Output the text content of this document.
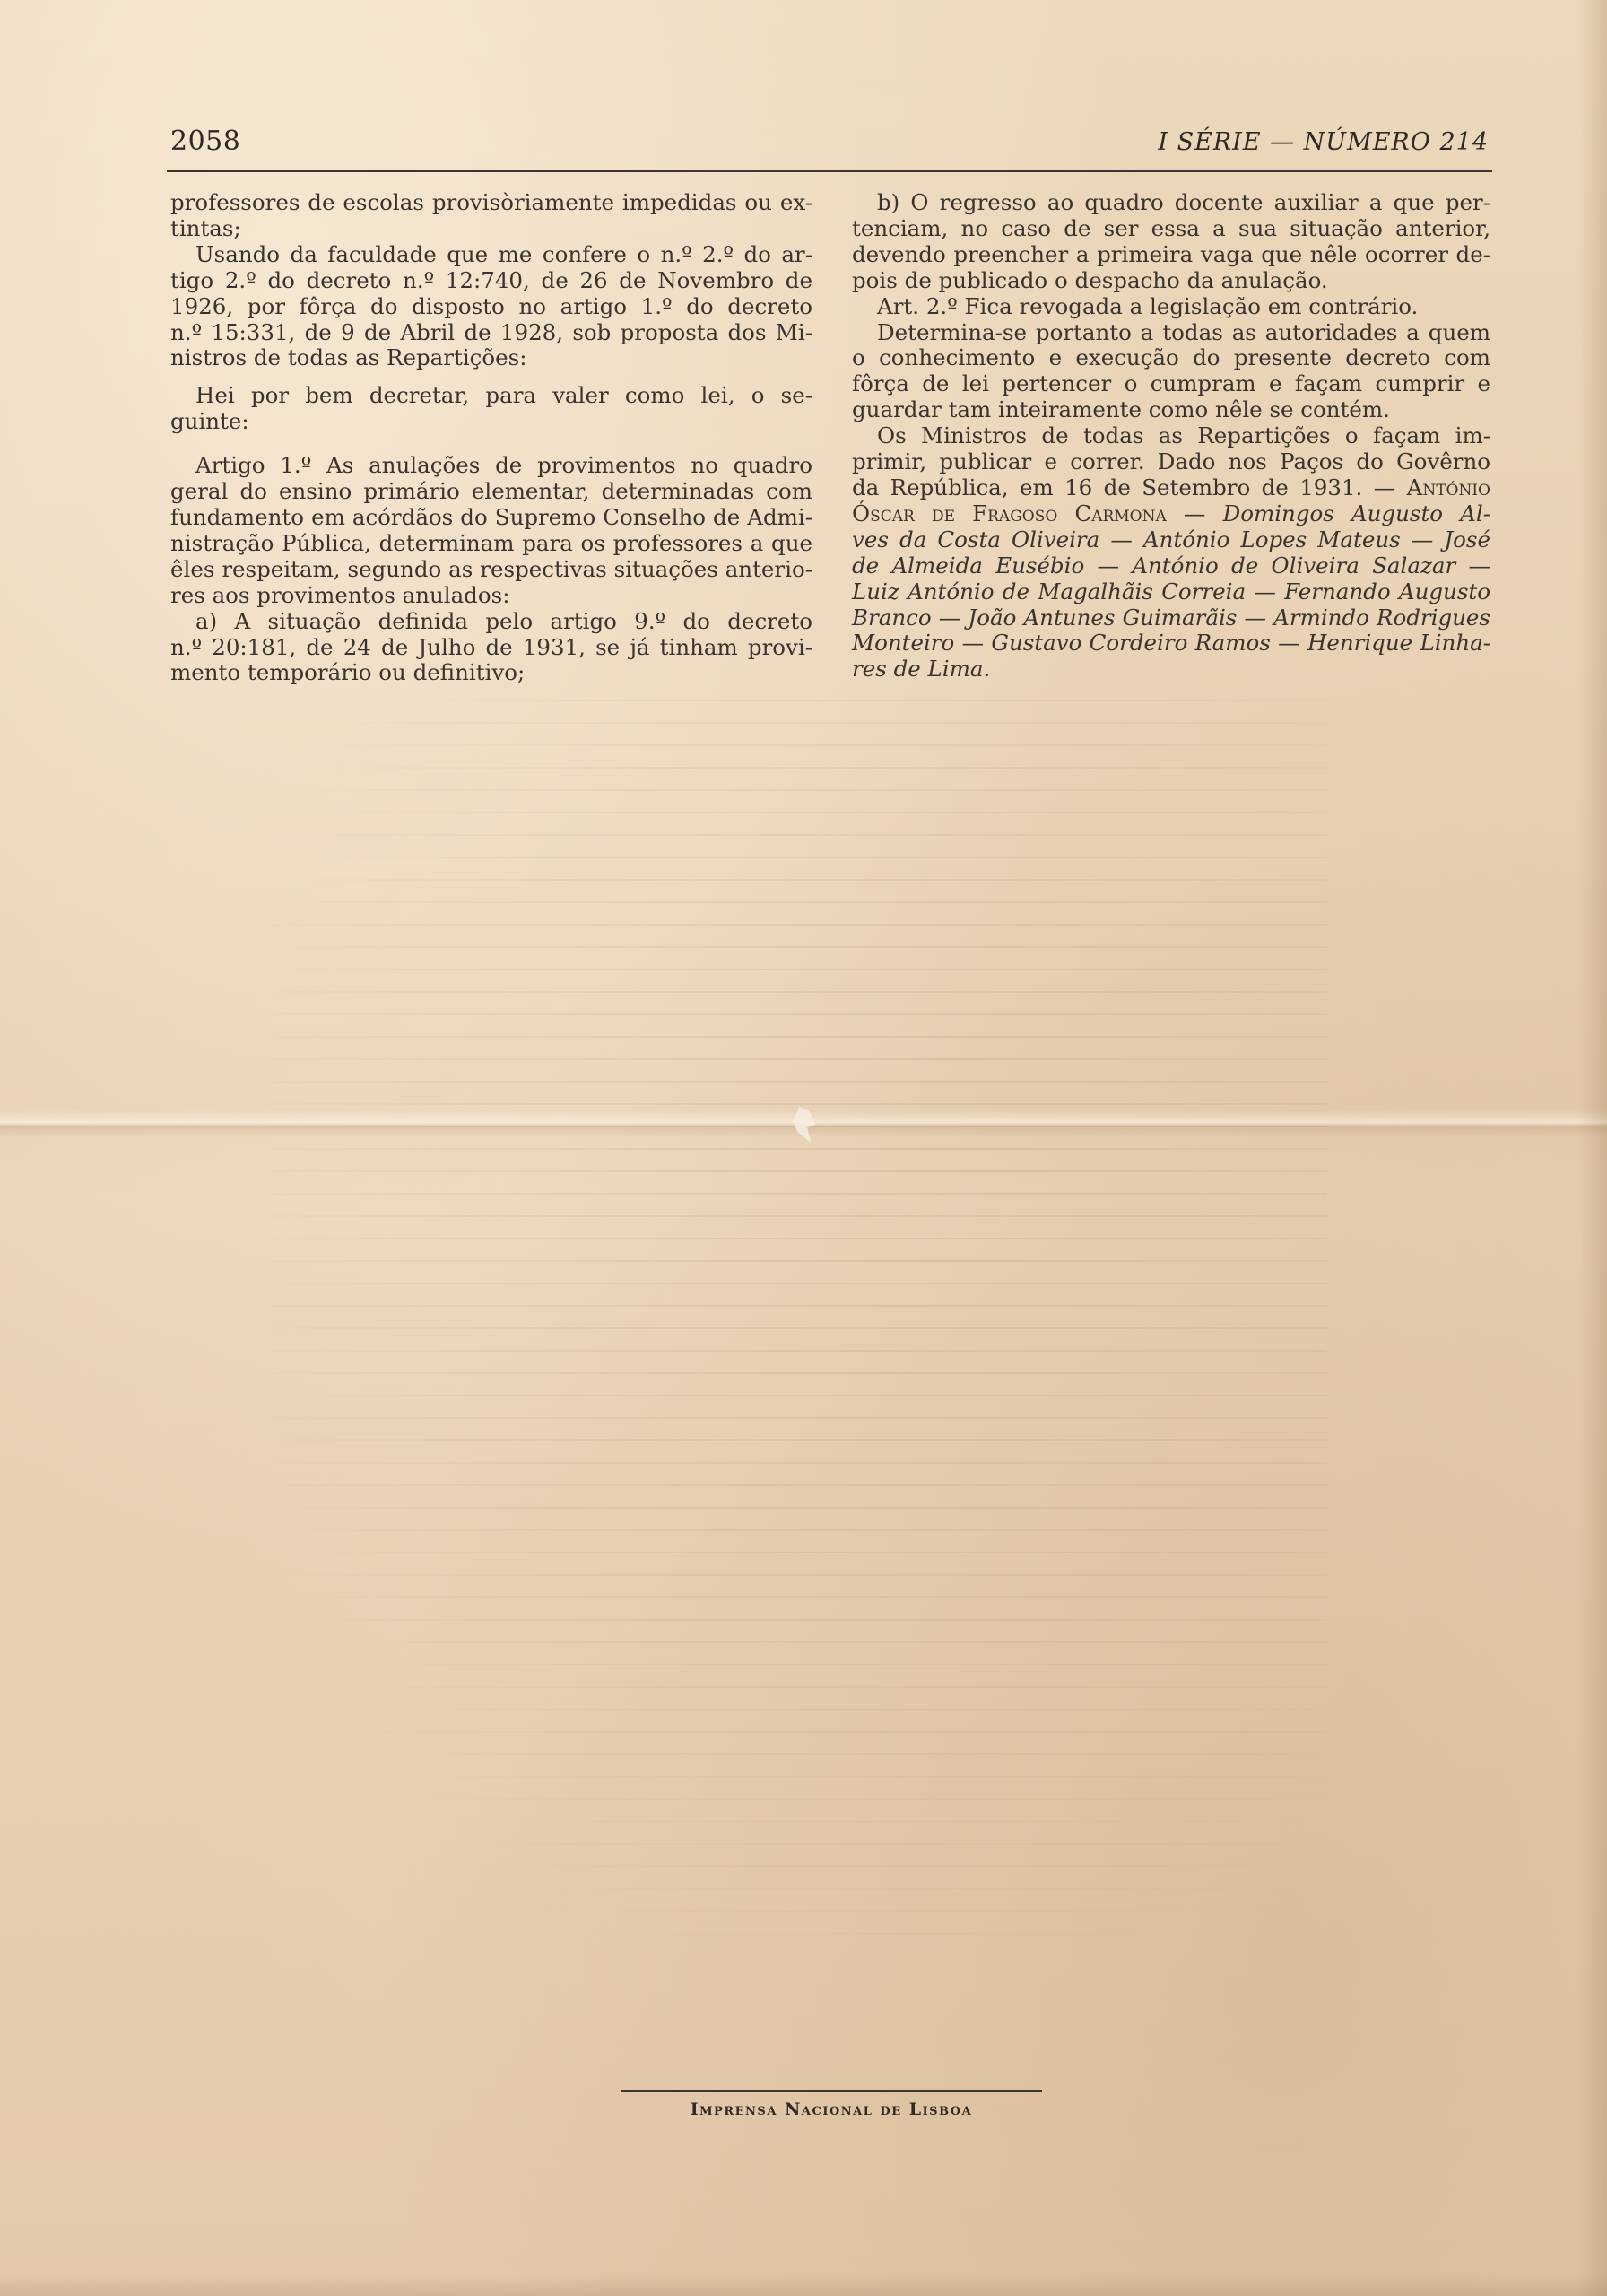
2058	I SÉRIE — NÚMERO 214
professores de escolas provisòriamente impedidas ou ex-
tintas;
Usando da faculdade que me confere o n.º 2.º do ar-
tigo 2.º do decreto n.º 12:740, de 26 de Novembro de
1926, por fôrça do disposto no artigo 1.º do decreto
n.º 15:331, de 9 de Abril de 1928, sob proposta dos Mi-
nistros de todas as Repartições:
Hei por bem decretar, para valer como lei, o se-
guinte:
Artigo 1.º As anulações de provimentos no quadro
geral do ensino primário elementar, determinadas com
fundamento em acórdãos do Supremo Conselho de Admi-
nistração Pública, determinam para os professores a que
êles respeitam, segundo as respectivas situações anterio-
res aos provimentos anulados:
a) A situação definida pelo artigo 9.º do decreto
n.º 20:181, de 24 de Julho de 1931, se já tinham provi-
mento temporário ou definitivo;
b) O regresso ao quadro docente auxiliar a que per-
tenciam, no caso de ser essa a sua situação anterior,
devendo preencher a primeira vaga que nêle ocorrer de-
pois de publicado o despacho da anulação.
Art. 2.º Fica revogada a legislação em contrário.
Determina-se portanto a todas as autoridades a quem
o conhecimento e execução do presente decreto com
fôrça de lei pertencer o cumpram e façam cumprir e
guardar tam inteiramente como nêle se contém.
Os Ministros de todas as Repartições o façam im-
primir, publicar e correr. Dado nos Paços do Govêrno
da República, em 16 de Setembro de 1931. — António
Óscar de Fragoso Carmona — Domingos Augusto Al-
ves da Costa Oliveira — António Lopes Mateus — José
de Almeida Eusébio — António de Oliveira Salazar —
Luiz António de Magalhãis Correia — Fernando Augusto
Branco — João Antunes Guimarãis — Armindo Rodrigues
Monteiro — Gustavo Cordeiro Ramos — Henrique Linha-
res de Lima.
Imprensa Nacional de Lisboa
